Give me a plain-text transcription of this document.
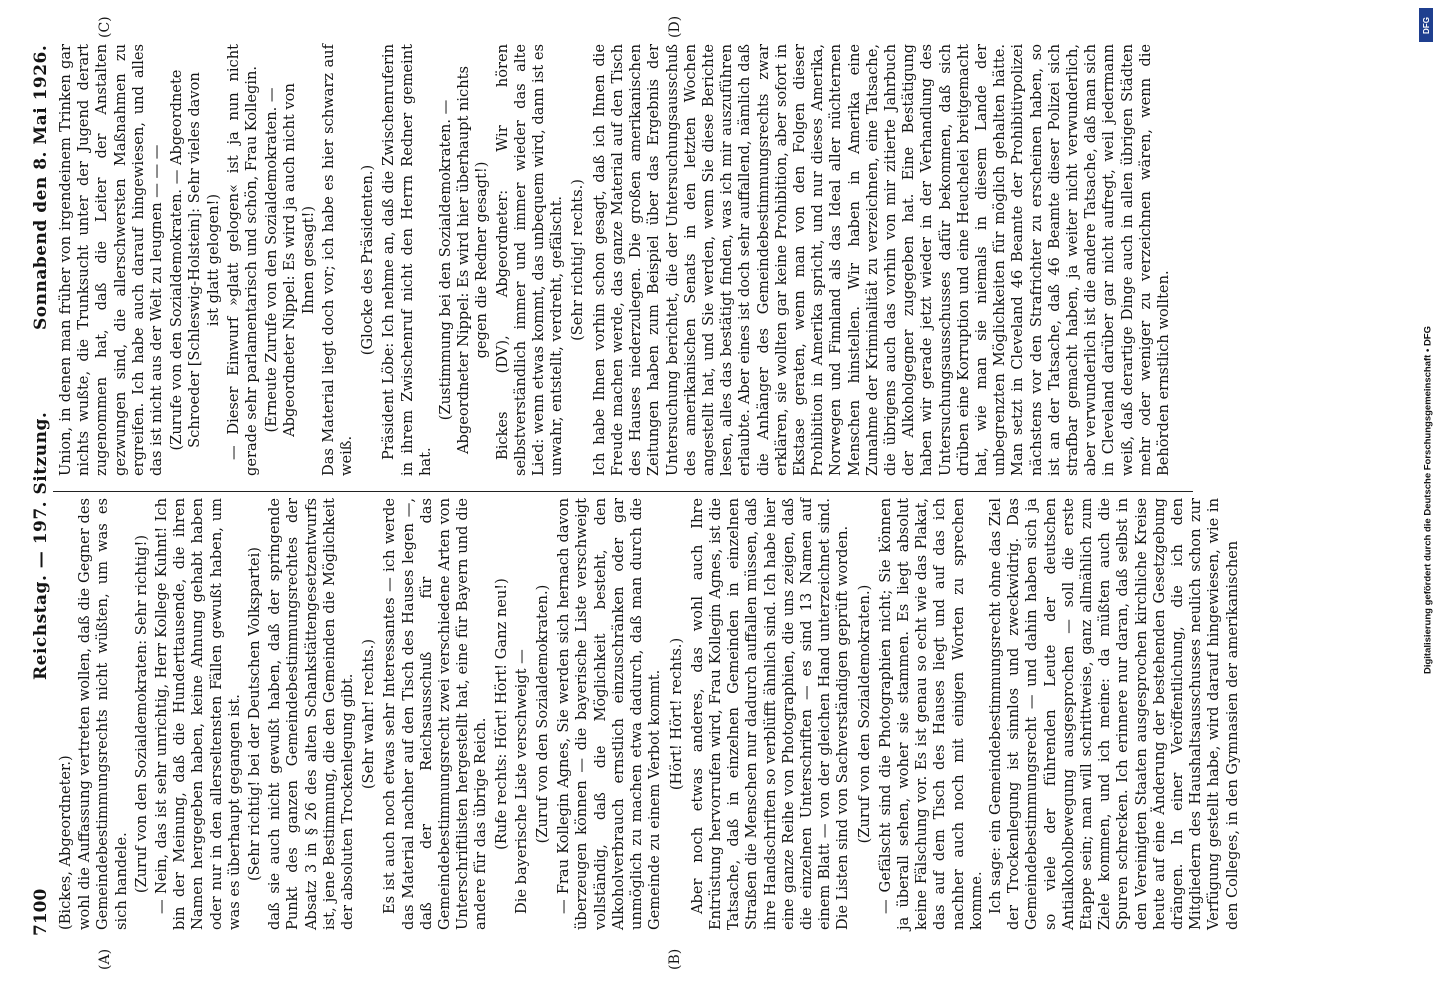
7100
Reichstag. — 197. Sitzung.
Sonnabend den 8. Mai 1926.
(A)	(B)
(C)	(D)

(Bickes, Abgeordneter.) wohl die Auffassung vertreten wollen, daß die Gegner des Gemeindebestimmungsrechts nicht wüßten, um was es sich handele. (Zuruf von den Sozialdemokraten: Sehr richtig!) — Nein, das ist sehr unrichtig, Herr Kollege Kuhnt! Ich bin der Meinung, daß die Hunderttausende, die ihren Namen hergegeben haben, keine Ahnung gehabt haben oder nur in den allerseltensten Fällen gewußt haben, um was es überhaupt gegangen ist. (Sehr richtig! bei der Deutschen Volkspartei) daß sie auch nicht gewußt haben, daß der springende Punkt des ganzen Gemeindebestimmungsrechtes der Absatz 3 in § 26 des alten Schankstättengesetzentwurfs ist, jene Bestimmung, die den Gemeinden die Möglichkeit der absoluten Trockenlegung gibt. (Sehr wahr! rechts.) Es ist auch noch etwas sehr Interessantes — ich werde das Material nachher auf den Tisch des Hauses legen —, daß der Reichsausschuß für das Gemeindebestimmungsrecht zwei verschiedene Arten von Unterschriftlisten hergestellt hat, eine für Bayern und die andere für das übrige Reich. (Rufe rechts: Hört! Hört! Ganz neu!) Die bayerische Liste verschweigt — (Zuruf von den Sozialdemokraten.) — Frau Kollegin Agnes, Sie werden sich hernach davon überzeugen können — die bayerische Liste verschweigt vollständig, daß die Möglichkeit besteht, den Alkoholverbrauch ernstlich einzuschränken oder gar unmöglich zu machen etwa dadurch, daß man durch die Gemeinde zu einem Verbot kommt. (Hört! Hört! rechts.) Aber noch etwas anderes, das wohl auch Ihre Entrüstung hervorrufen wird, Frau Kollegin Agnes, ist die Tatsache, daß in einzelnen Gemeinden in einzelnen Straßen die Menschen nur dadurch auffallen müssen, daß ihre Handschriften so verblüfft ähnlich sind. Ich habe hier eine ganze Reihe von Photographien, die uns zeigen, daß die einzelnen Unterschriften — es sind 13 Namen auf einem Blatt — von der gleichen Hand unterzeichnet sind. Die Listen sind von Sachverständigen geprüft worden. (Zuruf von den Sozialdemokraten.) — Gefälscht sind die Photographien nicht; Sie können ja überall sehen, woher sie stammen. Es liegt absolut keine Fälschung vor. Es ist genau so echt wie das Plakat, das auf dem Tisch des Hauses liegt und auf das ich nachher auch noch mit einigen Worten zu sprechen komme. Ich sage: ein Gemeindebestimmungsrecht ohne das Ziel der Trockenlegung ist sinnlos und zweckwidrig. Das Gemeindebestimmungsrecht — und dahin haben sich ja so viele der führenden Leute der deutschen Antialkoholbewegung ausgesprochen — soll die erste Etappe sein; man will schrittweise, ganz allmählich zum Ziele kommen, und ich meine: da müßten auch die Spuren schrecken. Ich erinnere nur daran, daß selbst in den Vereinigten Staaten ausgesprochen kirchliche Kreise heute auf eine Änderung der bestehenden Gesetzgebung drängen. In einer Veröffentlichung, die ich den Mitgliedern des Haushaltsausschusses neulich schon zur Verfügung gestellt habe, wird darauf hingewiesen, wie in den Colleges, in den Gymnasien der amerikanischen

Union, in denen man früher von irgendeinem Trinken gar nichts wußte, die Trunksucht unter der Jugend derart zugenommen hat, daß die Leiter der Anstalten gezwungen sind, die allerschwersten Maßnahmen zu ergreifen. Ich habe auch darauf hingewiesen, und alles das ist nicht aus der Welt zu leugnen — — — (Zurufe von den Sozialdemokraten. — Abgeordnete Schroeder [Schleswig-Holstein]: Sehr vieles davon ist glatt gelogen!) — Dieser Einwurf »glatt gelogen« ist ja nun nicht gerade sehr parlamentarisch und schön, Frau Kollegin. (Erneute Zurufe von den Sozialdemokraten. — Abgeordneter Nippel: Es wird ja auch nicht von Ihnen gesagt!) Das Material liegt doch vor; ich habe es hier schwarz auf weiß.

(Glocke des Präsidenten.) Präsident Löbe: Ich nehme an, daß die Zwischenruferin in ihrem Zwischenruf nicht den Herrn Redner gemeint hat.

(Zustimmung bei den Sozialdemokraten. — Abgeordneter Nippel: Es wird hier überhaupt nichts gegen die Redner gesagt!) Bickes (DV), Abgeordneter: Wir hören selbstverständlich immer und immer wieder das alte Lied: wenn etwas kommt, das unbequem wird, dann ist es unwahr, entstellt, verdreht, gefälscht. (Sehr richtig! rechts.) Ich habe Ihnen vorhin schon gesagt, daß ich Ihnen die Freude machen werde, das ganze Material auf den Tisch des Hauses niederzulegen. Die großen amerikanischen Zeitungen haben zum Beispiel über das Ergebnis der Untersuchung berichtet, die der Untersuchungsausschuß des amerikanischen Senats in den letzten Wochen angestellt hat, und Sie werden, wenn Sie diese Berichte lesen, alles das bestätigt finden, was ich mir auszuführen erlaubte. Aber eines ist doch sehr auffallend, nämlich daß die Anhänger des Gemeindebestimmungsrechts zwar erklären, sie wollten gar keine Prohibition, aber sofort in Ekstase geraten, wenn man von den Folgen dieser Prohibition in Amerika spricht, und nur dieses Amerika, Norwegen und Finnland als das Ideal aller nüchternen Menschen hinstellen. Wir haben in Amerika eine Zunahme der Kriminalität zu verzeichnen, eine Tatsache, die übrigens auch das vorhin von mir zitierte Jahrbuch der Alkoholgegner zugegeben hat. Eine Bestätigung haben wir gerade jetzt wieder in der Verhandlung des Untersuchungsausschusses dafür bekommen, daß sich drüben eine Korruption und eine Heuchelei breitgemacht hat, wie man sie niemals in diesem Lande der unbegrenzten Möglichkeiten für möglich gehalten hätte. Man setzt in Cleveland 46 Beamte der Prohibitivpolizei nächstens vor den Strafrichter zu erscheinen haben, so ist an der Tatsache, daß 46 Beamte dieser Polizei sich strafbar gemacht haben, ja weiter nicht verwunderlich, aber verwunderlich ist die andere Tatsache, daß man sich in Cleveland darüber gar nicht aufregt, weil jedermann weiß, daß derartige Dinge auch in allen übrigen Städten mehr oder weniger zu verzeichnen wären, wenn die Behörden ernstlich wollten.

DFG
Digitalisierung gefördert durch die Deutsche Forschungsgemeinschaft • DFG
